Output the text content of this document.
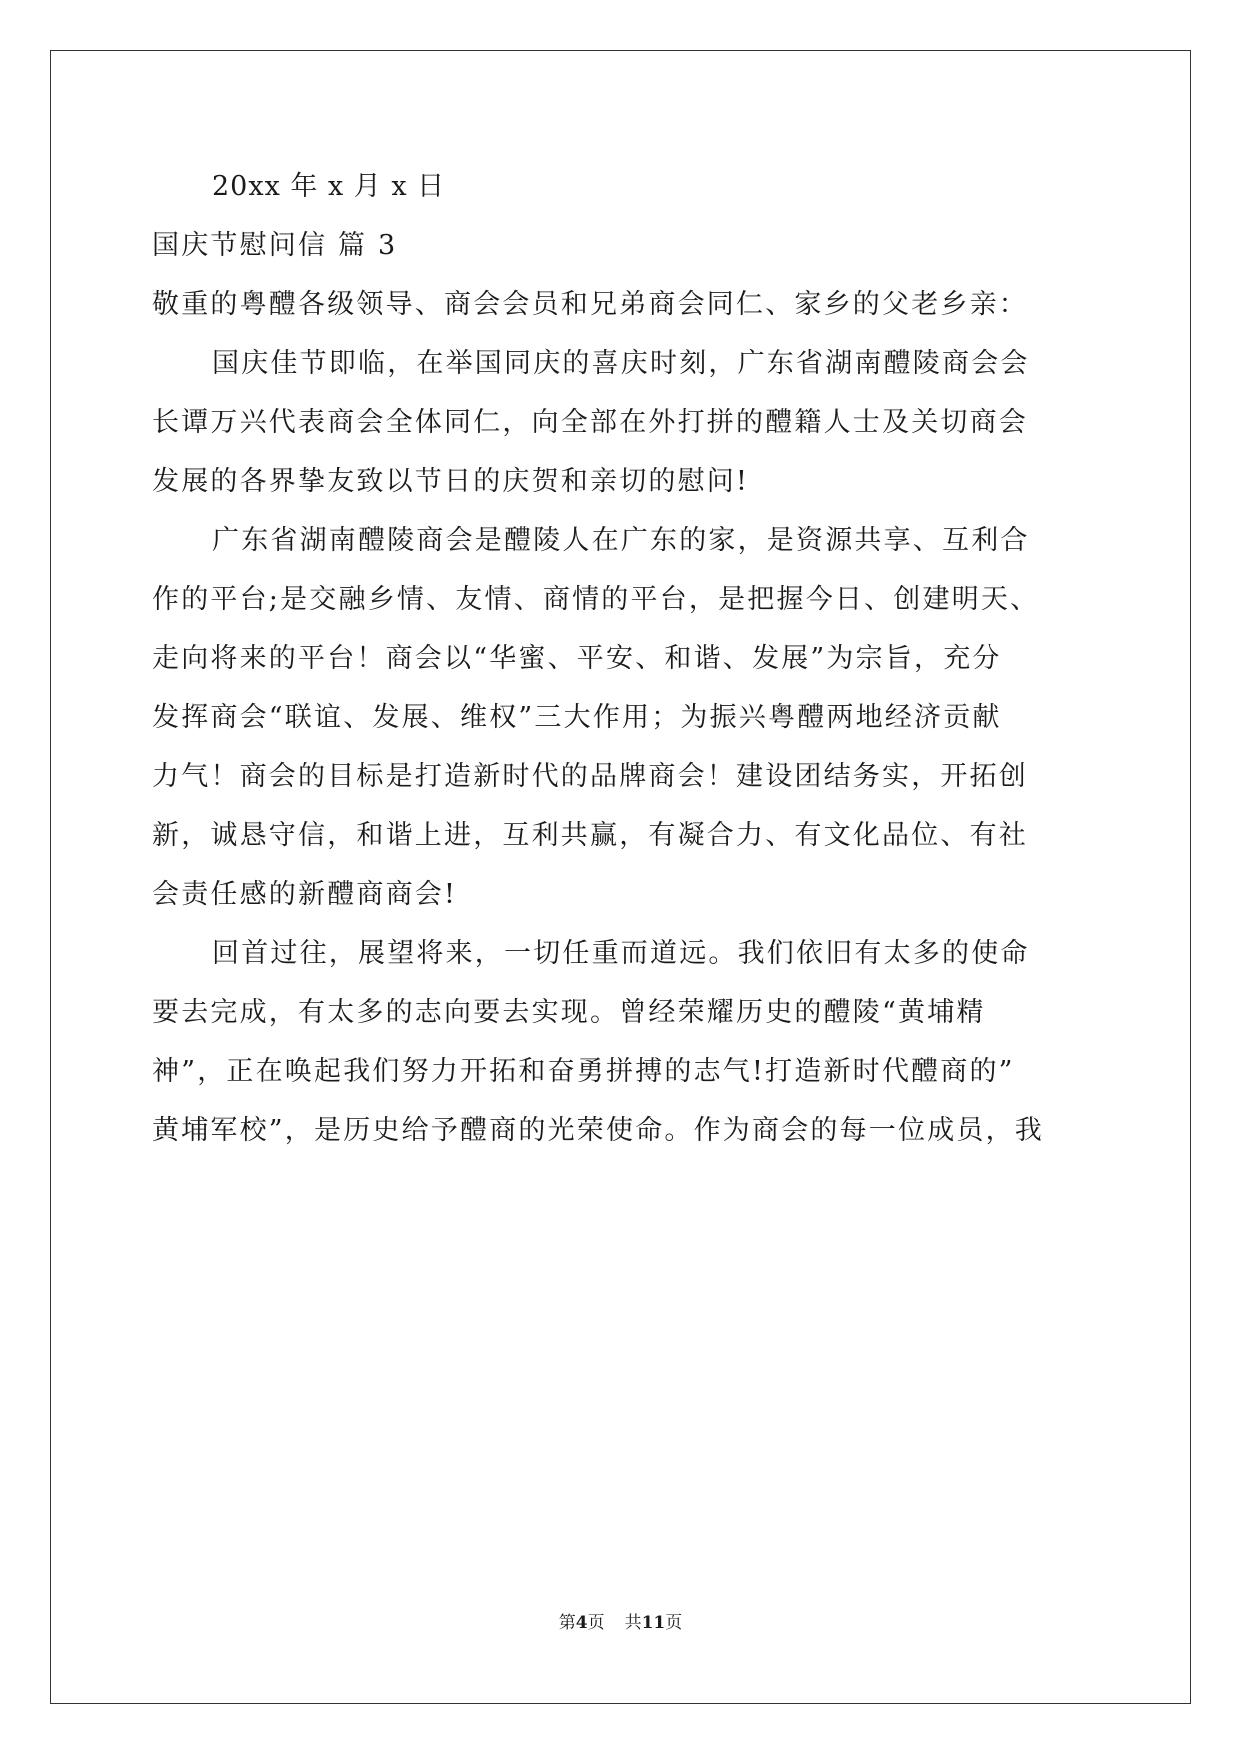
20xx 年 x 月 x 日
国庆节慰问信 篇 3
敬重的粤醴各级领导、商会会员和兄弟商会同仁、家乡的父老乡亲：
国庆佳节即临，在举国同庆的喜庆时刻，广东省湖南醴陵商会会
长谭万兴代表商会全体同仁，向全部在外打拼的醴籍人士及关切商会
发展的各界挚友致以节日的庆贺和亲切的慰问!
广东省湖南醴陵商会是醴陵人在广东的家，是资源共享、互利合
作的平台;是交融乡情、友情、商情的平台，是把握今日、创建明天、
走向将来的平台！商会以“华蜜、平安、和谐、发展”为宗旨，充分
发挥商会“联谊、发展、维权”三大作用；为振兴粤醴两地经济贡献
力气！商会的目标是打造新时代的品牌商会！建设团结务实，开拓创
新，诚恳守信，和谐上进，互利共赢，有凝合力、有文化品位、有社
会责任感的新醴商商会!
回首过往，展望将来，一切任重而道远。我们依旧有太多的使命
要去完成，有太多的志向要去实现。曾经荣耀历史的醴陵“黄埔精
神”，正在唤起我们努力开拓和奋勇拼搏的志气!打造新时代醴商的”
黄埔军校”，是历史给予醴商的光荣使命。作为商会的每一位成员，我
第4页 共11页
